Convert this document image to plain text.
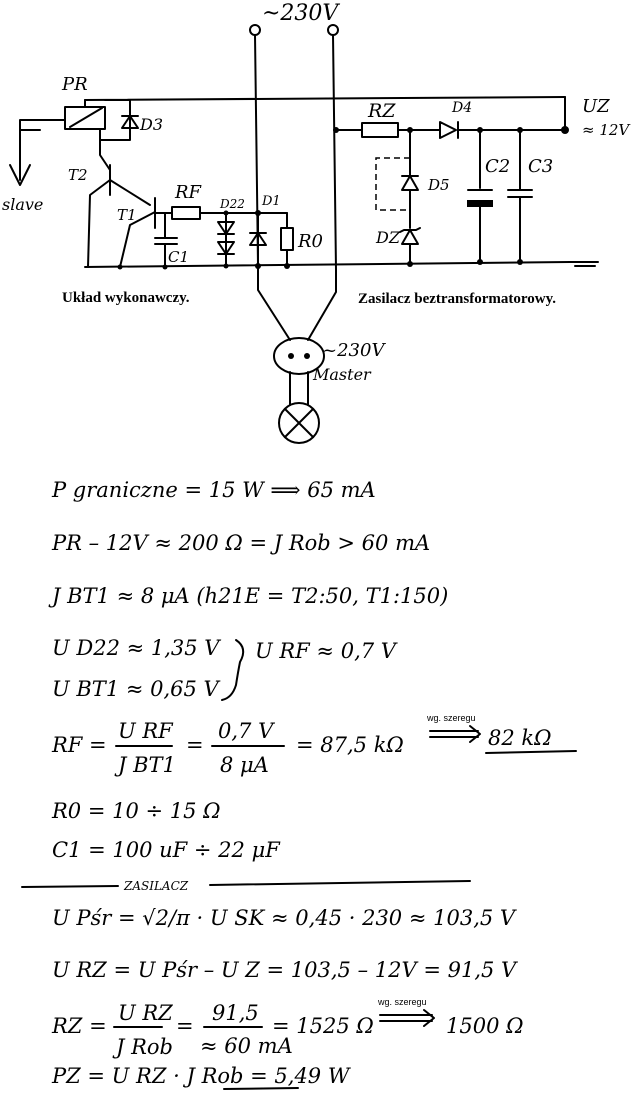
~230V
PR
slave
D3
T2
T1
C1
RF
D22 D1
R0
RZ	D4	UZ
≈ 12V
D5
DZ
C2 C3
Układ wykonawczy.	Zasilacz beztransformatorowy.
~230V
Master
P graniczne = 15 W ⟹ 65 mA
PR – 12V ≈ 200 Ω = J Rob > 60 mA
J BT1 ≈ 8 μA (h21E = T2:50, T1:150)
U D22 ≈ 1,35 V
U BT1 ≈ 0,65 V
U RF ≈ 0,7 V
RF =
U RF
J BT1
=
0,7 V
8 μA
= 87,5 kΩ
wg. szeregu
82 kΩ
R0 = 10 ÷ 15 Ω
C1 = 100 uF ÷ 22 μF
ZASILACZ
U Pśr = √2/π · U SK ≈ 0,45 · 230 ≈ 103,5 V
U RZ = U Pśr – U Z = 103,5 – 12V = 91,5 V
RZ =
U RZ
J Rob
=
91,5
≈ 60 mA
= 1525 Ω
wg. szeregu
1500 Ω
PZ = U RZ · J Rob = 5,49 W
